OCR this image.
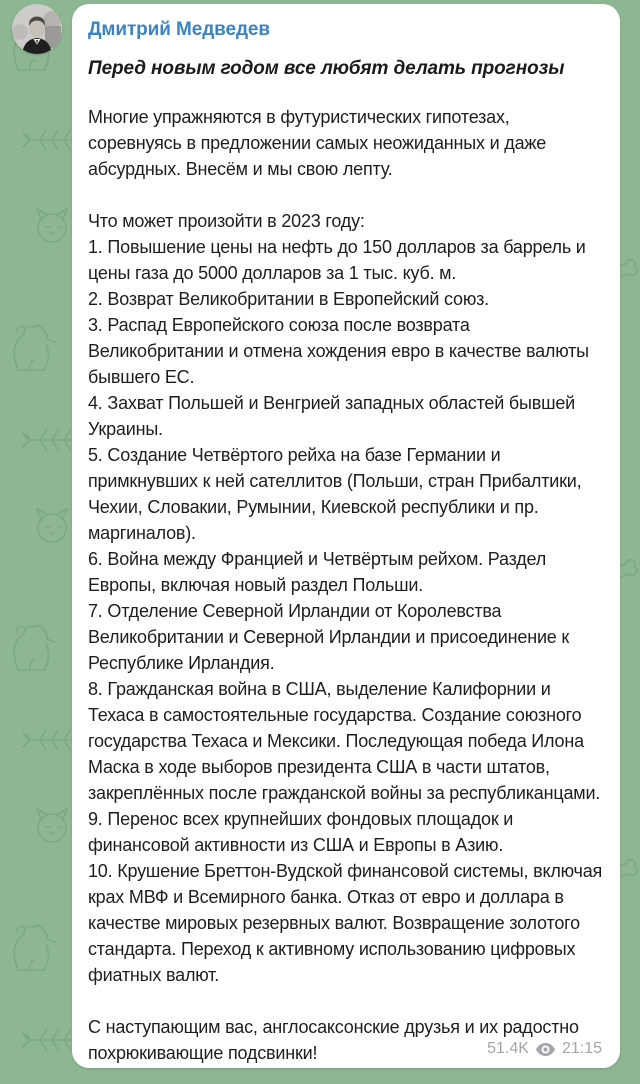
Дмитрий Медведев
Перед новым годом все любят делать прогнозы
Многие упражняются в футуристических гипотезах, соревнуясь в предложении самых неожиданных и даже абсурдных. Внесём и мы свою лепту.
Что может произойти в 2023 году:
1. Повышение цены на нефть до 150 долларов за баррель и цены газа до 5000 долларов за 1 тыс. куб. м.
2. Возврат Великобритании в Европейский союз.
3. Распад Европейского союза после возврата Великобритании и отмена хождения евро в качестве валюты бывшего ЕС.
4. Захват Польшей и Венгрией западных областей бывшей Украины.
5. Создание Четвёртого рейха на базе Германии и примкнувших к ней сателлитов (Польши, стран Прибалтики, Чехии, Словакии, Румынии, Киевской республики и пр. маргиналов).
6. Война между Францией и Четвёртым рейхом. Раздел Европы, включая новый раздел Польши.
7. Отделение Северной Ирландии от Королевства Великобритании и Северной Ирландии и присоединение к Республике Ирландия.
8. Гражданская война в США, выделение Калифорнии и Техаса в самостоятельные государства. Создание союзного государства Техаса и Мексики. Последующая победа Илона Маска в ходе выборов президента США в части штатов, закреплённых после гражданской войны за республиканцами.
9. Перенос всех крупнейших фондовых площадок и финансовой активности из США и Европы в Азию.
10. Крушение Бреттон-Вудской финансовой системы, включая крах МВФ и Всемирного банка. Отказ от евро и доллара в качестве мировых резервных валют. Возвращение золотого стандарта. Переход к активному использованию цифровых фиатных валют.
С наступающим вас, англосаксонские друзья и их радостно похрюкивающие подсвинки!	51.4K 21:15
